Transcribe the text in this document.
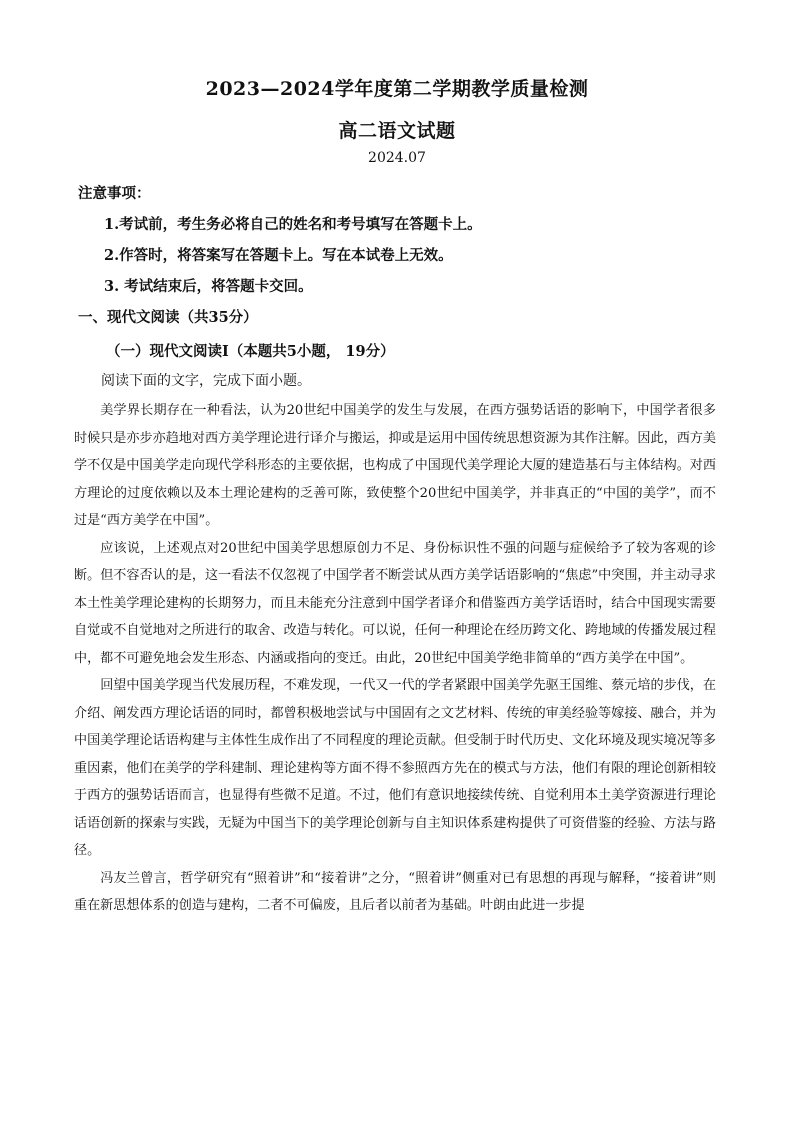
2023—2024学年度第二学期教学质量检测
高二语文试题
2024.07
注意事项：
1.考试前，考生务必将自己的姓名和考号填写在答题卡上。
2.作答时，将答案写在答题卡上。写在本试卷上无效。
3. 考试结束后，将答题卡交回。
一、现代文阅读（共35分）
（一）现代文阅读Ⅰ（本题共5小题， 19分）
阅读下面的文字，完成下面小题。

美学界长期存在一种看法，认为20世纪中国美学的发生与发展，在西方强势话语的影响下，中国学者很多时候只是亦步亦趋地对西方美学理论进行译介与搬运，抑或是运用中国传统思想资源为其作注解。因此，西方美学不仅是中国美学走向现代学科形态的主要依据，也构成了中国现代美学理论大厦的建造基石与主体结构。对西方理论的过度依赖以及本土理论建构的乏善可陈，致使整个20世纪中国美学，并非真正的“中国的美学”，而不过是“西方美学在中国”。

应该说，上述观点对20世纪中国美学思想原创力不足、身份标识性不强的问题与症候给予了较为客观的诊断。但不容否认的是，这一看法不仅忽视了中国学者不断尝试从西方美学话语影响的“焦虑”中突围，并主动寻求本土性美学理论建构的长期努力，而且未能充分注意到中国学者译介和借鉴西方美学话语时，结合中国现实需要自觉或不自觉地对之所进行的取舍、改造与转化。可以说，任何一种理论在经历跨文化、跨地域的传播发展过程中，都不可避免地会发生形态、内涵或指向的变迁。由此，20世纪中国美学绝非简单的“西方美学在中国”。

回望中国美学现当代发展历程，不难发现，一代又一代的学者紧跟中国美学先驱王国维、蔡元培的步伐，在介绍、阐发西方理论话语的同时，都曾积极地尝试与中国固有之文艺材料、传统的审美经验等嫁接、融合，并为中国美学理论话语构建与主体性生成作出了不同程度的理论贡献。但受制于时代历史、文化环境及现实境况等多重因素，他们在美学的学科建制、理论建构等方面不得不参照西方先在的模式与方法，他们有限的理论创新相较于西方的强势话语而言，也显得有些微不足道。不过，他们有意识地接续传统、自觉利用本土美学资源进行理论话语创新的探索与实践，无疑为中国当下的美学理论创新与自主知识体系建构提供了可资借鉴的经验、方法与路径。

冯友兰曾言，哲学研究有“照着讲”和“接着讲”之分，“照着讲”侧重对已有思想的再现与解释，“接着讲”则重在新思想体系的创造与建构，二者不可偏废，且后者以前者为基础。叶朗由此进一步提
